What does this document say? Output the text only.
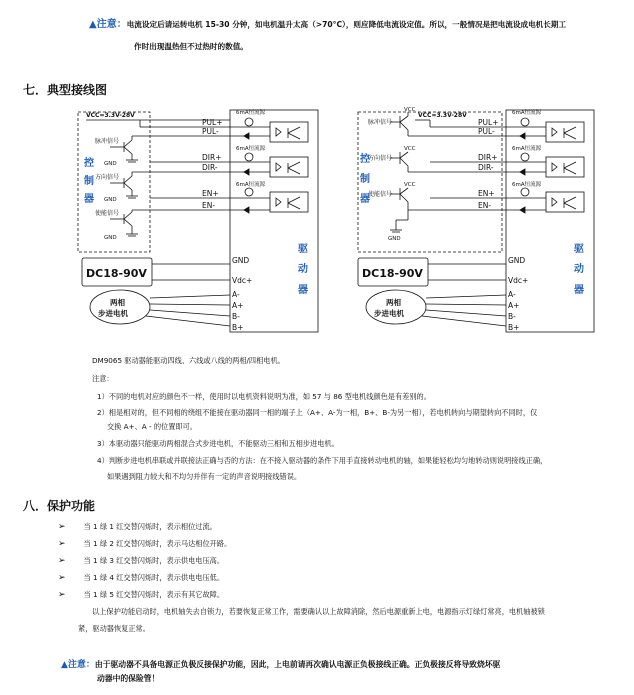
▲注意：电流设定后请运转电机 15-30 分钟，如电机温升太高（>70°C），则应降低电流设定值。所以，一般情况是把电流设成电机长期工
作时出现温热但不过热时的数值。
七．典型接线图
VCC=3.3V-28V
脉冲信号
方向信号
使能信号
GND
GND
GND
6mA恒流源
6mA恒流源
6mA恒流源
PUL+
PUL-
DIR+
DIR-
EN+
EN-
GND
Vdc+
A-
A+
B-
B+
控
制
器
驱
动
器
DC18-90V
两相
步进电机
VCC=3.3V-28V
脉冲信号
方向信号
使能信号
VCC
VCC
VCC
GND
6mA恒流源
6mA恒流源
6mA恒流源
PUL+
PUL-
DIR+
DIR-
EN+
EN-
GND
Vdc+
A-
A+
B-
B+
控
制
器
驱
动
器
DC18-90V
两相
步进电机
DM9065 驱动器能驱动四线、六线或八线的两相/四相电机。
注意：
1）不同的电机对应的颜色不一样，使用时以电机资料说明为准，如 57 与 86 型电机线颜色是有差别的。
2）相是相对的，但不同相的绕组不能接在驱动器同一相的端子上（A+、A-为一相，B+、B-为另一相），若电机转向与期望转向不同时，仅
交换 A+、A - 的位置即可。
3）本驱动器只能驱动两相混合式步进电机，不能驱动三相和五相步进电机。
4）判断步进电机串联或并联接法正确与否的方法：在不接入驱动器的条件下用手直接转动电机的轴，如果能轻松均匀地转动则说明接线正确，
如果遇到阻力较大和不均匀并伴有一定的声音说明接线错误。
八．保护功能
➢	当 1 绿 1 红交替闪烁时，表示相位过流。
➢	当 1 绿 2 红交替闪烁时，表示马达相位开路。
➢	当 1 绿 3 红交替闪烁时，表示供电电压高。
➢	当 1 绿 4 红交替闪烁时，表示供电电压低。
➢	当 1 绿 5 红交替闪烁时，表示有其它故障。
以上保护功能启动时，电机轴失去自锁力，若要恢复正常工作，需要确认以上故障消除，然后电源重新上电，电源指示灯绿灯常亮，电机轴被锁
紧，驱动器恢复正常。
▲注意：由于驱动器不具备电源正负极反接保护功能，因此，上电前请再次确认电源正负极接线正确。正负极接反将导致烧坏驱
动器中的保险管！
